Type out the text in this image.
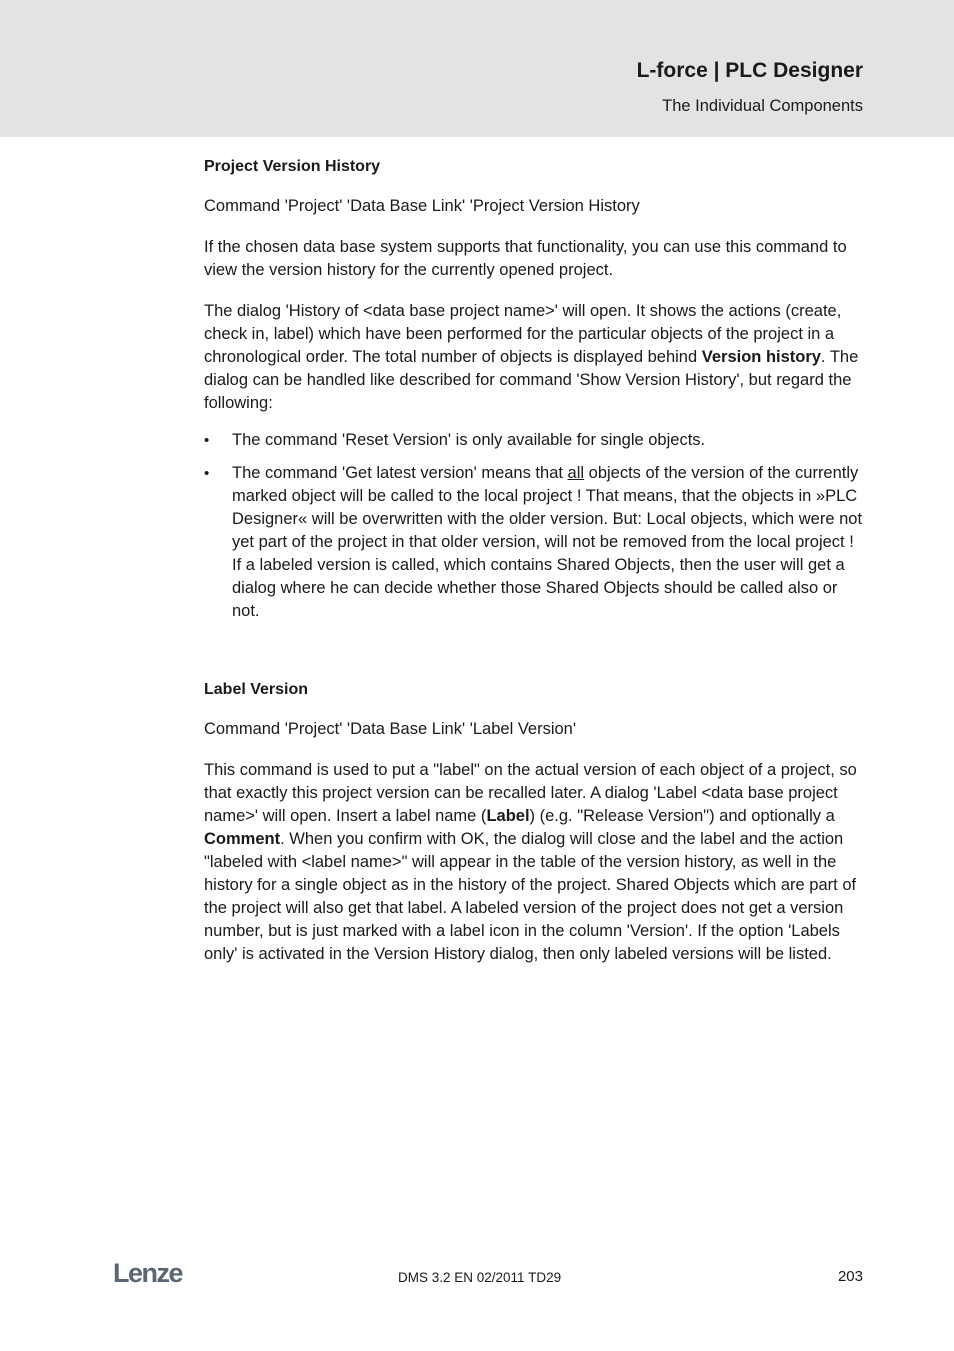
L-force | PLC Designer
The Individual Components

Project Version History

Command 'Project' 'Data Base Link' 'Project Version History

If the chosen data base system supports that functionality, you can use this command to view the version history for the currently opened project.

The dialog 'History of <data base project name>' will open. It shows the actions (create, check in, label) which have been performed for the particular objects of the project in a chronological order. The total number of objects is displayed behind Version history. The dialog can be handled like described for command 'Show Version History', but regard the following:

• The command 'Reset Version' is only available for single objects.
• The command 'Get latest version' means that all objects of the version of the currently marked object will be called to the local project ! That means, that the objects in »PLC Designer« will be overwritten with the older version. But: Local objects, which were not yet part of the project in that older version, will not be removed from the local project ! If a labeled version is called, which contains Shared Objects, then the user will get a dialog where he can decide whether those Shared Objects should be called also or not.

Label Version

Command 'Project' 'Data Base Link' 'Label Version'

This command is used to put a "label" on the actual version of each object of a project, so that exactly this project version can be recalled later. A dialog 'Label <data base project name>' will open. Insert a label name (Label) (e.g. "Release Version") and optionally a Comment. When you confirm with OK, the dialog will close and the label and the action "labeled with <label name>" will appear in the table of the version history, as well in the history for a single object as in the history of the project. Shared Objects which are part of the project will also get that label. A labeled version of the project does not get a version number, but is just marked with a label icon in the column 'Version'. If the option 'Labels only' is activated in the Version History dialog, then only labeled versions will be listed.

Lenze	DMS 3.2 EN 02/2011 TD29	203
